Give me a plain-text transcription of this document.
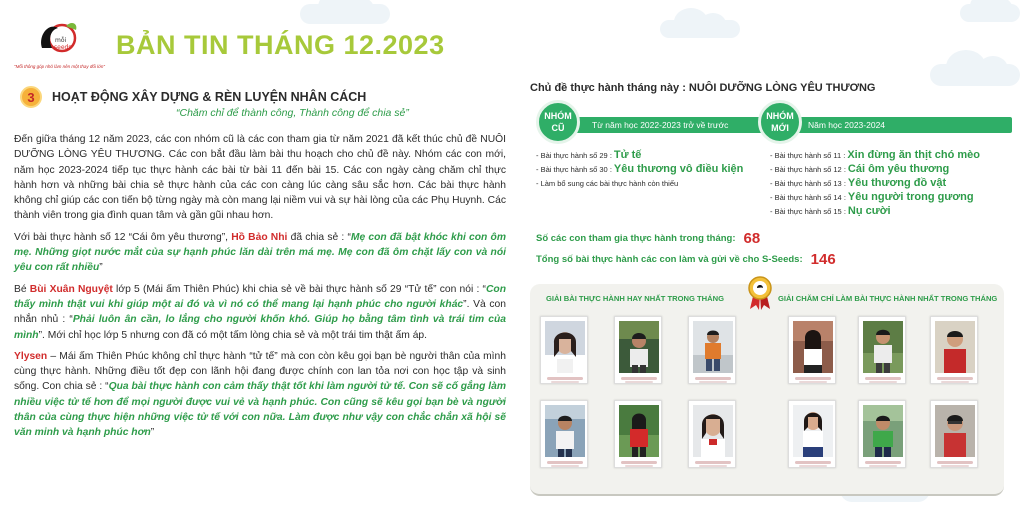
mỗi
seeds
"Mỗi thông góp nhỏ làm nên một thay đổi lớn"
BẢN TIN THÁNG 12.2023
3	HOẠT ĐỘNG XÂY DỰNG & RÈN LUYỆN NHÂN CÁCH
“Chăm chỉ để thành công, Thành công để chia sẻ”

Đến giữa tháng 12 năm 2023, các con nhóm cũ là các con tham gia từ năm 2021 đã kết thúc chủ đề NUÔI DƯỠNG LÒNG YÊU THƯƠNG. Các con bắt đầu làm bài thu hoạch cho chủ đề này. Nhóm các con mới, năm học 2023-2024 tiếp tục thực hành các bài từ bài 11 đến bài 15. Các con ngày càng chăm chỉ thực hành hơn và những bài chia sẻ thực hành của các con càng lúc càng sâu sắc hơn. Các bài thực hành không chỉ giúp các con tiến bộ từng ngày mà còn mang lại niềm vui và sự hài lòng của các Phụ Huynh. Các thành viên trong gia đình quan tâm và gần gũi nhau hơn.

Với bài thực hành số 12 “Cái ôm yêu thương”, Hồ Bảo Nhi đã chia sẻ : “Mẹ con đã bật khóc khi con ôm mẹ. Những giọt nước mắt của sự hạnh phúc lăn dài trên má mẹ. Mẹ con đã ôm chặt lấy con và nói yêu con rất nhiều”

Bé Bùi Xuân Nguyệt lớp 5 (Mái ấm Thiên Phúc) khi chia sẻ về bài thực hành số 29 “Tử tế” con nói : “Con thấy mình thật vui khi giúp một ai đó và vì nó có thể mang lại hạnh phúc cho người khác”. Và con nhắn nhủ : “Phải luôn ân cần, lo lắng cho người khốn khó. Giúp họ bằng tâm tình và trái tim của mình”. Mới chỉ học lớp 5 nhưng con đã có một tấm lòng chia sẻ và một trái tim thật ấm áp.

Ylysen – Mái ấm Thiên Phúc không chỉ thực hành “tử tế” mà con còn kêu gọi bạn bè người thân của mình cùng thực hành. Những điều tốt đẹp con lãnh hội đang được chính con lan tỏa nơi con học tập và sinh sống. Con chia sẻ : “Qua bài thực hành con cảm thấy thật tốt khi làm người tử tế. Con sẽ cố gắng làm nhiều việc tử tế hơn để mọi người được vui vẻ và hạnh phúc. Con cũng sẽ kêu gọi bạn bè và người thân của cùng thực hiện những việc tử tế với con nữa. Làm được như vậy con chắc chắn xã hội sẽ văn minh và hạnh phúc hơn”

Chủ đề thực hành tháng này : NUÔI DƯỠNG LÒNG YÊU THƯƠNG
Từ năm học 2022-2023 trở về trước	Năm học 2023-2024
NHÓM
CŨ
NHÓM
MỚI
- Bài thực hành số 29 : Tử tế
- Bài thực hành số 30 : Yêu thương vô điều kiện
- Làm bổ sung các bài thực hành còn thiếu
- Bài thực hành số 11 : Xin đừng ăn thịt chó mèo
- Bài thực hành số 12 : Cái ôm yêu thương
- Bài thực hành số 13 : Yêu thương đồ vật
- Bài thực hành số 14 : Yêu người trong gương
- Bài thực hành số 15 : Nụ cười
Số các con tham gia thực hành trong tháng: 68
Tổng số bài thực hành các con làm và gửi về cho S-Seeds: 146
GIẢI BÀI THỰC HÀNH HAY NHẤT TRONG THÁNG	GIẢI CHĂM CHỈ LÀM BÀI THỰC HÀNH NHẤT TRONG THÁNG
